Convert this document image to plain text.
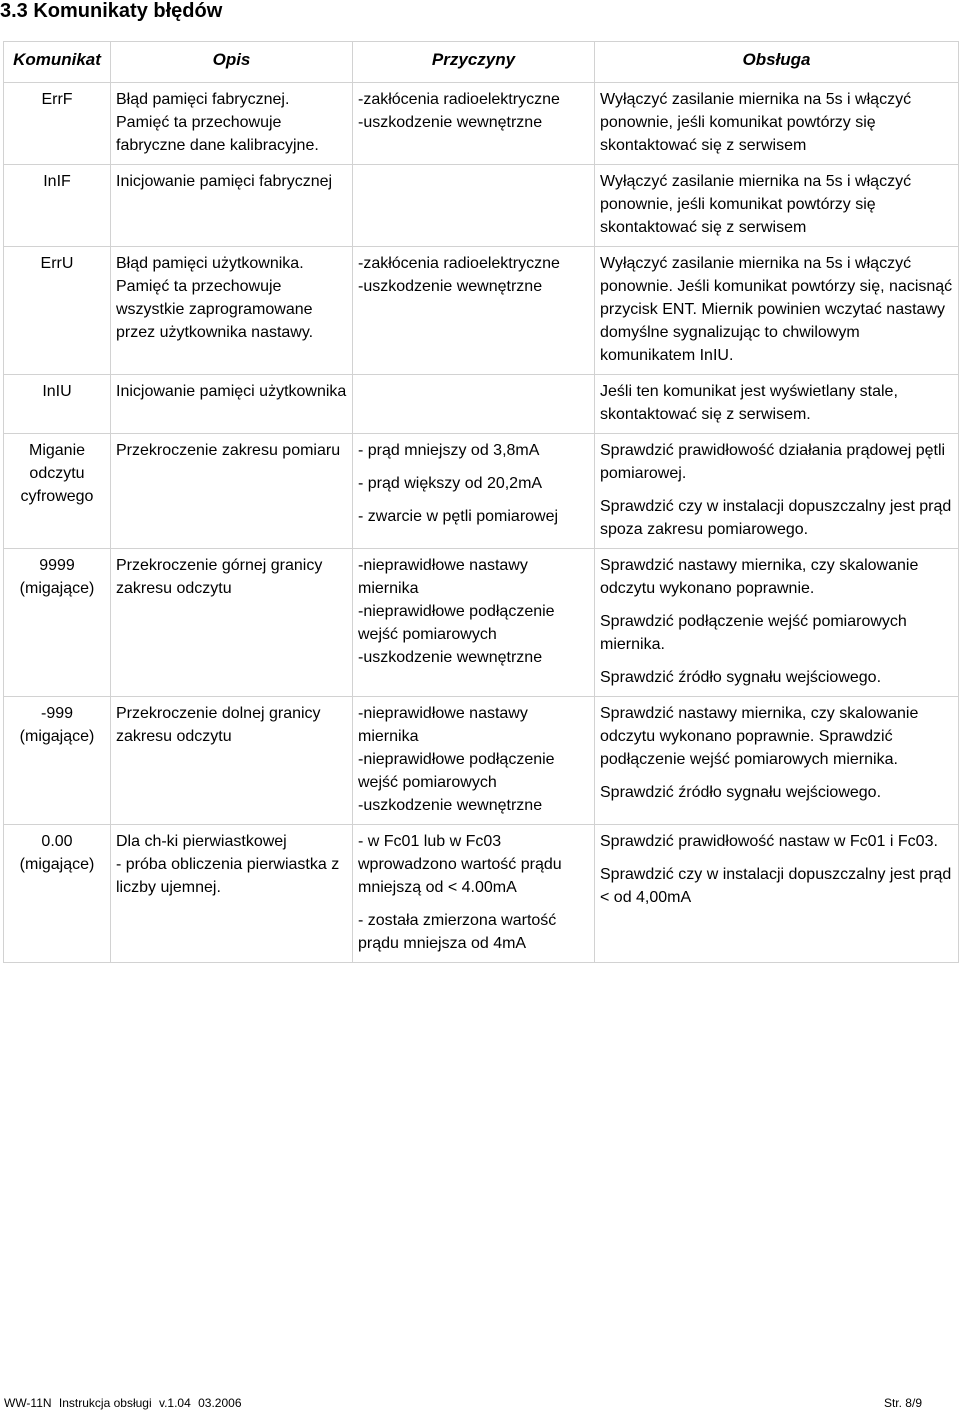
3.3 Komunikaty błędów
Komunikat	Opis	Przyczyny	Obsługa

ErrF	Błąd pamięci fabrycznej.
Pamięć ta przechowuje
fabryczne dane kalibracyjne.	-zakłócenia radioelektryczne
-uszkodzenie wewnętrzne	Wyłączyć zasilanie miernika na 5s i włączyć ponownie, jeśli komunikat powtórzy się skontaktować się z serwisem

InIF	Inicjowanie pamięci fabrycznej		Wyłączyć zasilanie miernika na 5s i włączyć ponownie, jeśli komunikat powtórzy się skontaktować się z serwisem

ErrU	Błąd pamięci użytkownika.
Pamięć ta przechowuje
wszystkie zaprogramowane
przez użytkownika nastawy.	-zakłócenia radioelektryczne
-uszkodzenie wewnętrzne	Wyłączyć zasilanie miernika na 5s i włączyć ponownie. Jeśli komunikat powtórzy się, nacisnąć przycisk ENT. Miernik powinien wczytać nastawy domyślne sygnalizując to chwilowym komunikatem InIU.

InIU	Inicjowanie pamięci użytkownika		Jeśli ten komunikat jest wyświetlany stale, skontaktować się z serwisem.

Miganie
odczytu
cyfrowego	Przekroczenie zakresu pomiaru	- prąd mniejszy od 3,8mA
- prąd większy od 20,2mA
- zwarcie w pętli pomiarowej	Sprawdzić prawidłowość działania prądowej pętli pomiarowej.
Sprawdzić czy w instalacji dopuszczalny jest prąd spoza zakresu pomiarowego.

9999
(migające)	Przekroczenie górnej granicy zakresu odczytu	-nieprawidłowe nastawy miernika
-nieprawidłowe podłączenie wejść pomiarowych
-uszkodzenie wewnętrzne	Sprawdzić nastawy miernika, czy skalowanie odczytu wykonano poprawnie.
Sprawdzić podłączenie wejść pomiarowych miernika.
Sprawdzić źródło sygnału wejściowego.

-999
(migające)	Przekroczenie dolnej granicy zakresu odczytu	-nieprawidłowe nastawy miernika
-nieprawidłowe podłączenie wejść pomiarowych
-uszkodzenie wewnętrzne	Sprawdzić nastawy miernika, czy skalowanie odczytu wykonano poprawnie. Sprawdzić podłączenie wejść pomiarowych miernika.
Sprawdzić źródło sygnału wejściowego.

0.00
(migające)	Dla ch-ki pierwiastkowej
- próba obliczenia pierwiastka z liczby ujemnej.	- w Fc01 lub w Fc03 wprowadzono wartość prądu mniejszą od < 4.00mA
- została zmierzona wartość prądu mniejsza od 4mA	Sprawdzić prawidłowość nastaw w Fc01 i Fc03.
Sprawdzić czy w instalacji dopuszczalny jest prąd < od 4,00mA
WW-11N Instrukcja obsługi v.1.04 03.2006	Str. 8/9
